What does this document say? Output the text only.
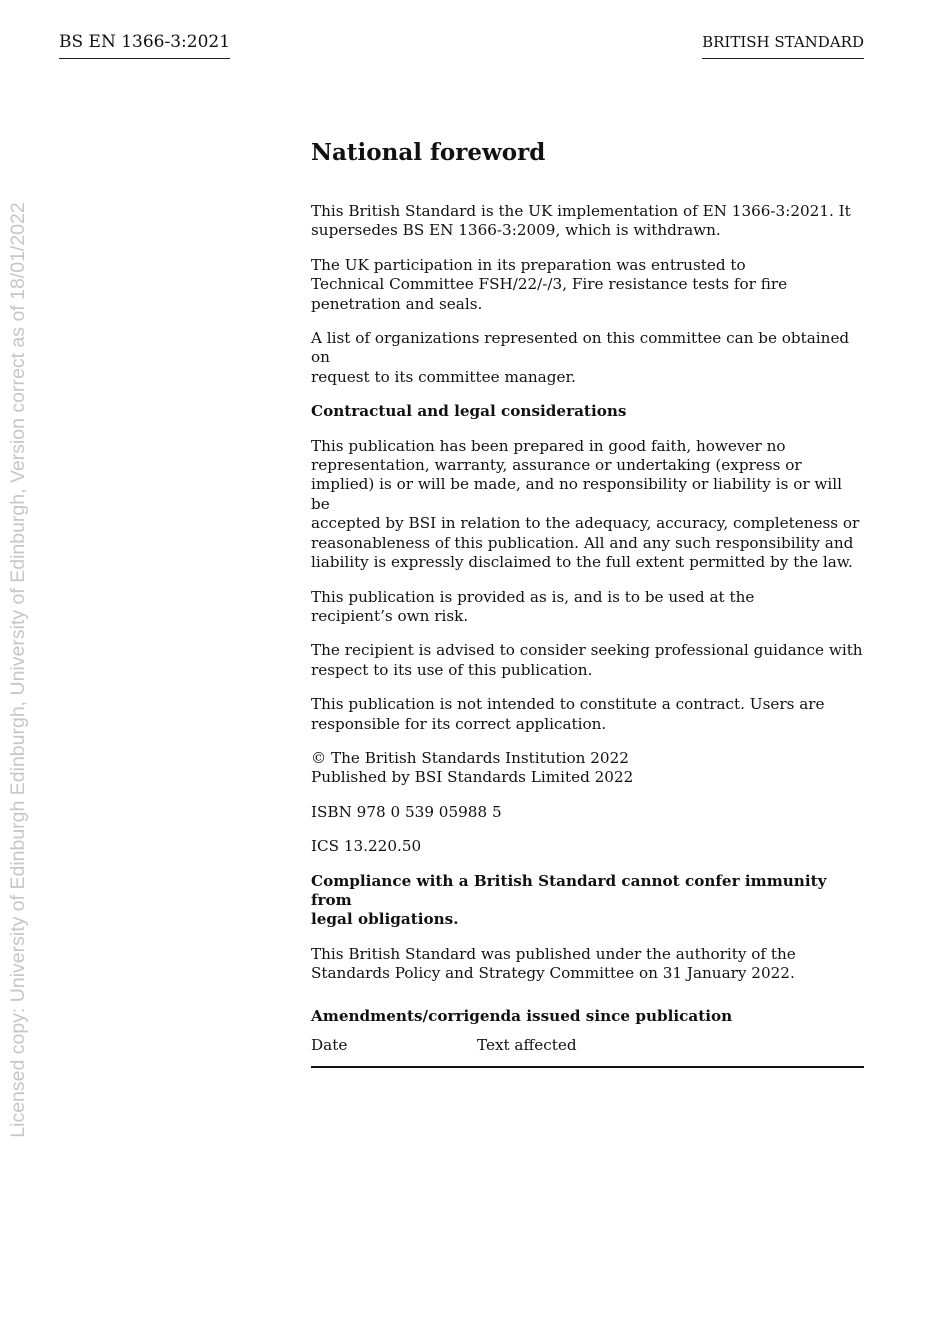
BS EN 1366-3:2021	BRITISH STANDARD
Licensed copy: University of Edinburgh Edinburgh, University of Edinburgh, Version correct as of 18/01/2022
National foreword
This British Standard is the UK implementation of EN 1366-3:2021. It
supersedes BS EN 1366-3:2009, which is withdrawn.
The UK participation in its preparation was entrusted to
Technical Committee FSH/22/-/3, Fire resistance tests for fire
penetration and seals.
A list of organizations represented on this committee can be obtained on
request to its committee manager.
Contractual and legal considerations
This publication has been prepared in good faith, however no
representation, warranty, assurance or undertaking (express or
implied) is or will be made, and no responsibility or liability is or will be
accepted by BSI in relation to the adequacy, accuracy, completeness or
reasonableness of this publication. All and any such responsibility and
liability is expressly disclaimed to the full extent permitted by the law.
This publication is provided as is, and is to be used at the
recipient’s own risk.
The recipient is advised to consider seeking professional guidance with
respect to its use of this publication.
This publication is not intended to constitute a contract. Users are
responsible for its correct application.
© The British Standards Institution 2022
Published by BSI Standards Limited 2022
ISBN 978 0 539 05988 5
ICS 13.220.50
Compliance with a British Standard cannot confer immunity from
legal obligations.
This British Standard was published under the authority of the
Standards Policy and Strategy Committee on 31 January 2022.
Amendments/corrigenda issued since publication
Date	Text affected
